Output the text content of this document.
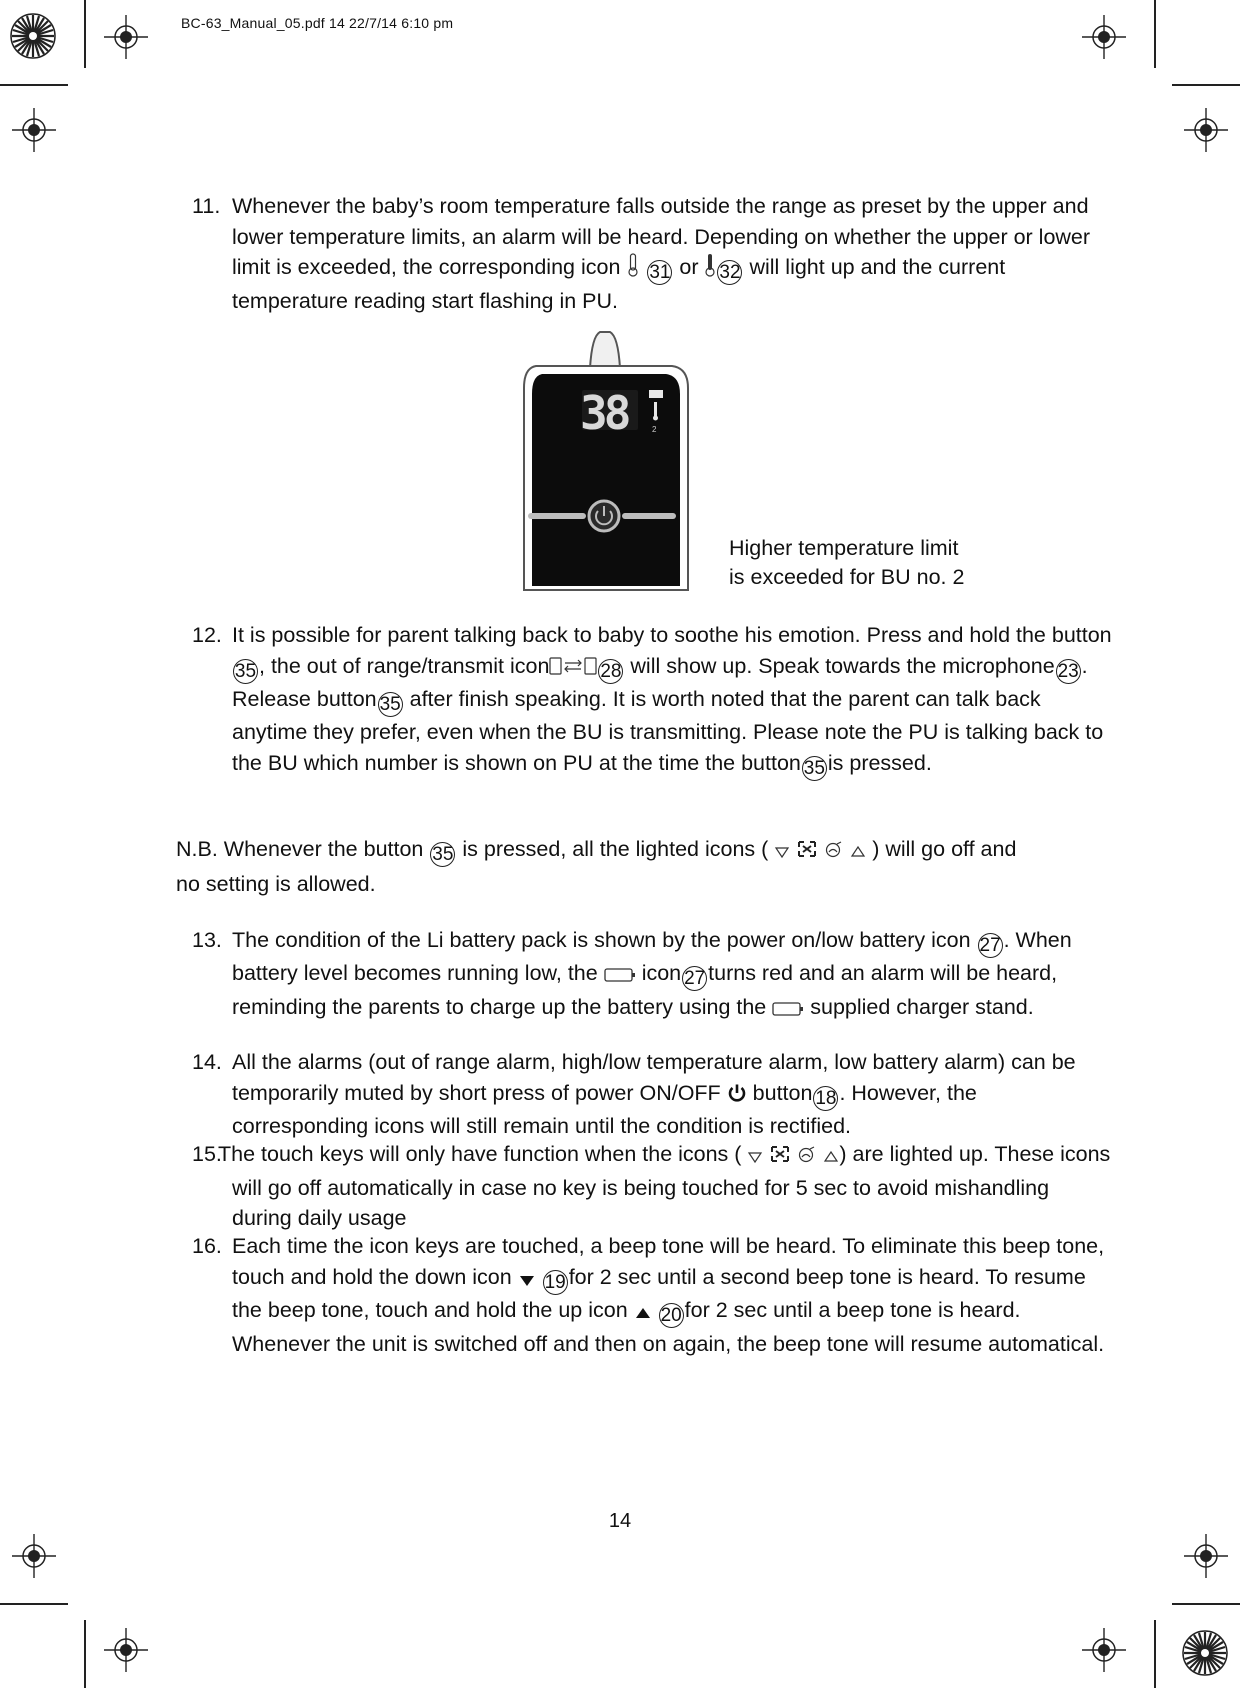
BC-63_Manual_05.pdf 14 22/7/14 6:10 pm
11. Whenever the baby’s room temperature falls outside the range as preset by the upper and lower temperature limits, an alarm will be heard. Depending on whether the upper or lower limit is exceeded, the corresponding icon 31 or 32 will light up and the current temperature reading start flashing in PU.
38	2
Higher temperature limit
is exceeded for BU no. 2
12. It is possible for parent talking back to baby to soothe his emotion. Press and hold the button35 , the out of range/transmit icon	28 will show up. Speak towards the microphone 23 . Release button 35 after finish speaking. It is worth noted that the parent can talk back anytime they prefer, even when the BU is transmitting. Please note the PU is talking back to the BU which number is shown on PU at the time the button 35 is pressed.
N.B. Whenever the button 35 is pressed, all the lighted icons (	) will go off and no setting is allowed.
13. The condition of the Li battery pack is shown by the power on/low battery icon 27 . When battery level becomes running low, the icon 27 turns red and an alarm will be heard, reminding the parents to charge up the battery using the supplied charger stand.
14. All the alarms (out of range alarm, high/low temperature alarm, low battery alarm) can be temporarily muted by short press of power ON/OFF button 18 . However, the corresponding icons will still remain until the condition is rectified.
15.The touch keys will only have function when the icons (	) are lighted up. These icons will go off automatically in case no key is being touched for 5 sec to avoid mishandling during daily usage
16. Each time the icon keys are touched, a beep tone will be heard. To eliminate this beep tone, touch and hold the down icon 19 for 2 sec until a second beep tone is heard. To resume the beep tone, touch and hold the up icon 20 for 2 sec until a beep tone is heard. Whenever the unit is switched off and then on again, the beep tone will resume automatical.
14
